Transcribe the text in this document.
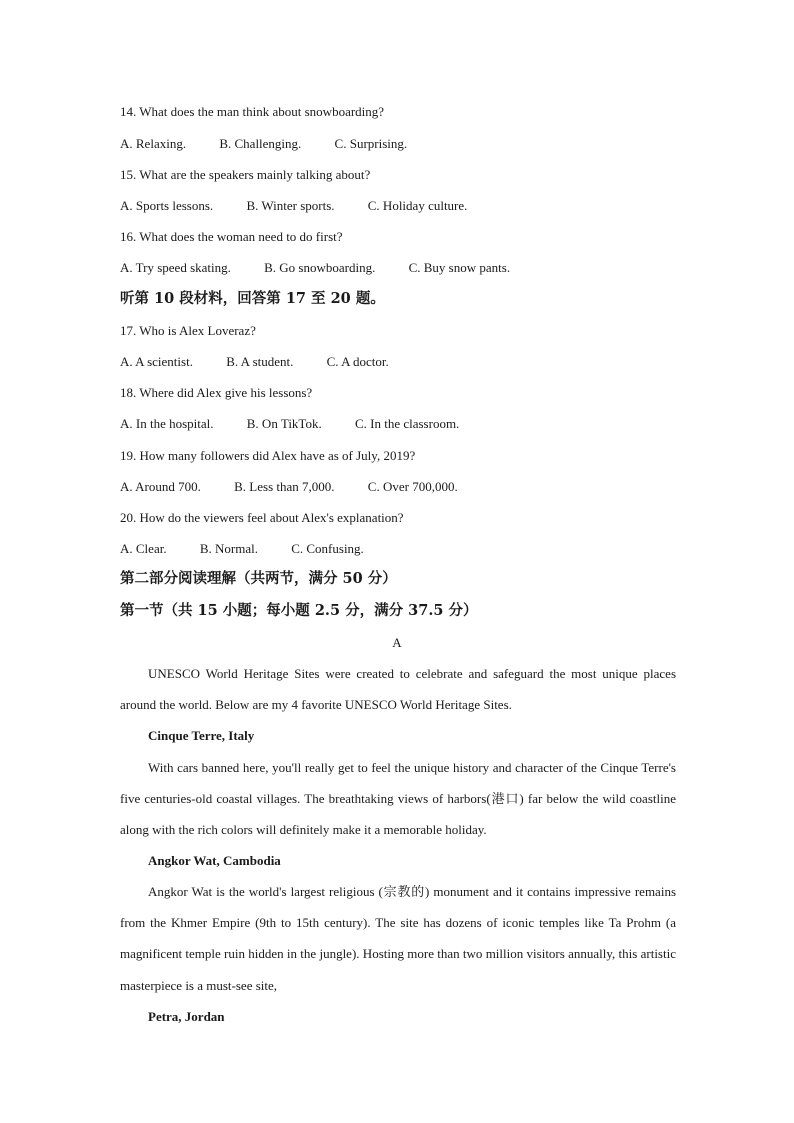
14. What does the man think about snowboarding?
A. Relaxing.	B. Challenging.	C. Surprising.
15. What are the speakers mainly talking about?
A. Sports lessons.	B. Winter sports.	C. Holiday culture.
16. What does the woman need to do first?
A. Try speed skating.	B. Go snowboarding.	C. Buy snow pants.
听第 10 段材料，回答第 17 至 20 题。
17. Who is Alex Loveraz?
A. A scientist.	B. A student.	C. A doctor.
18. Where did Alex give his lessons?
A. In the hospital.	B. On TikTok.	C. In the classroom.
19. How many followers did Alex have as of July, 2019?
A. Around 700.	B. Less than 7,000.	C. Over 700,000.
20. How do the viewers feel about Alex's explanation?
A. Clear.	B. Normal.	C. Confusing.
第二部分阅读理解（共两节，满分 50 分）
第一节（共 15 小题；每小题 2.5 分，满分 37.5 分）
A
UNESCO World Heritage Sites were created to celebrate and safeguard the most unique places around the world. Below are my 4 favorite UNESCO World Heritage Sites.
Cinque Terre, Italy
With cars banned here, you'll really get to feel the unique history and character of the Cinque Terre's five centuries-old coastal villages. The breathtaking views of harbors(港口) far below the wild coastline along with the rich colors will definitely make it a memorable holiday.
Angkor Wat, Cambodia
Angkor Wat is the world's largest religious (宗教的) monument and it contains impressive remains from the Khmer Empire (9th to 15th century). The site has dozens of iconic temples like Ta Prohm (a magnificent temple ruin hidden in the jungle). Hosting more than two million visitors annually, this artistic masterpiece is a must-see site,
Petra, Jordan
